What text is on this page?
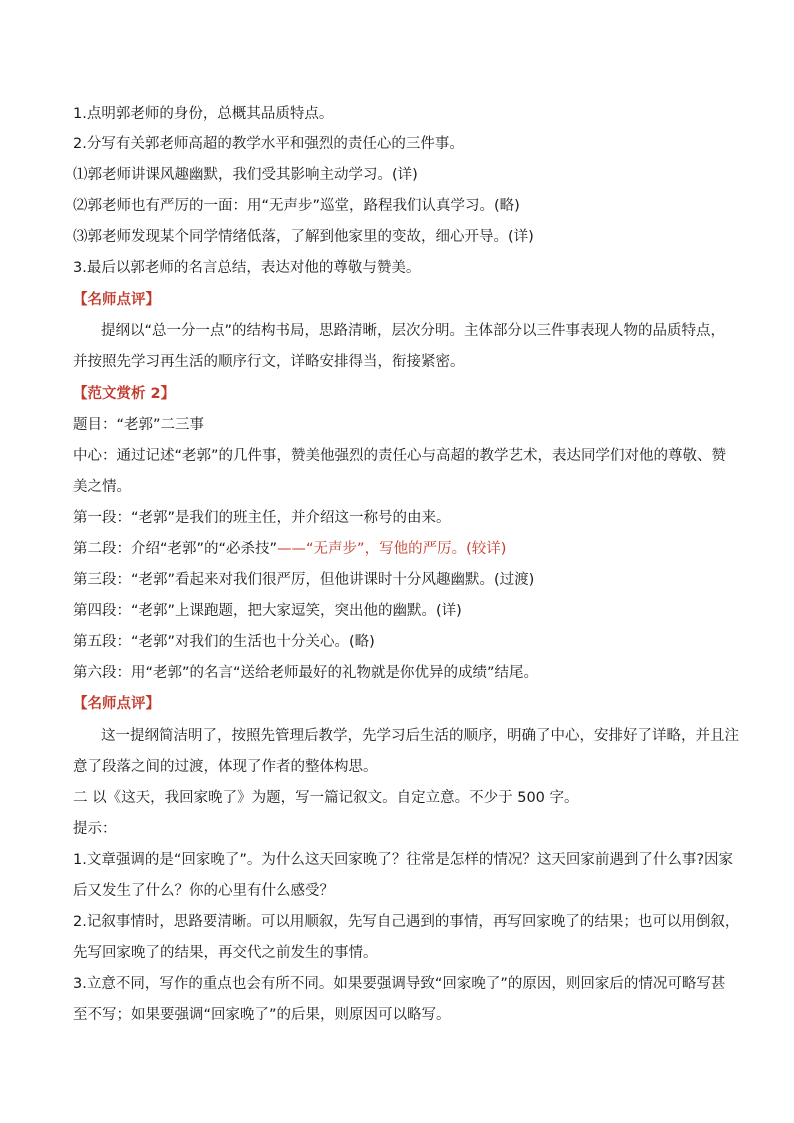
1.点明郭老师的身份，总概其品质特点。
2.分写有关郭老师高超的教学水平和强烈的责任心的三件事。
⑴郭老师讲课风趣幽默，我们受其影响主动学习。(详)
⑵郭老师也有严厉的一面：用“无声步”巡堂，路程我们认真学习。(略)
⑶郭老师发现某个同学情绪低落，了解到他家里的变故，细心开导。(详)
3.最后以郭老师的名言总结，表达对他的尊敬与赞美。
【名师点评】
提纲以“总一分一点”的结构书局，思路清晰，层次分明。主体部分以三件事表现人物的品质特点，
并按照先学习再生活的顺序行文，详略安排得当，衔接紧密。
【范文赏析 2】
题目：“老郭”二三事
中心：通过记述“老郭”的几件事，赞美他强烈的责任心与高超的教学艺术，表达同学们对他的尊敬、赞
美之情。
第一段：“老郭”是我们的班主任，并介绍这一称号的由来。
第二段：介绍“老郭”的“必杀技”——“无声步”，写他的严厉。(较详)
第三段：“老郭”看起来对我们很严厉，但他讲课时十分风趣幽默。(过渡)
第四段：“老郭”上课跑题，把大家逗笑，突出他的幽默。(详)
第五段：“老郭”对我们的生活也十分关心。(略)
第六段：用“老郭”的名言“送给老师最好的礼物就是你优异的成绩”结尾。
【名师点评】
这一提纲简洁明了，按照先管理后教学，先学习后生活的顺序，明确了中心，安排好了详略，并且注
意了段落之间的过渡，体现了作者的整体构思。
二 以《这天，我回家晚了》为题，写一篇记叙文。自定立意。不少于 500 字。
提示：
1.文章强调的是“回家晚了”。为什么这天回家晚了？往常是怎样的情况？这天回家前遇到了什么事?因家
后又发生了什么？你的心里有什么感受？
2.记叙事情时，思路要清晰。可以用顺叙，先写自己遇到的事情，再写回家晚了的结果；也可以用倒叙，
先写回家晚了的结果，再交代之前发生的事情。
3.立意不同，写作的重点也会有所不同。如果要强调导致“回家晚了”的原因，则回家后的情况可略写甚
至不写；如果要强调“回家晚了”的后果，则原因可以略写。
